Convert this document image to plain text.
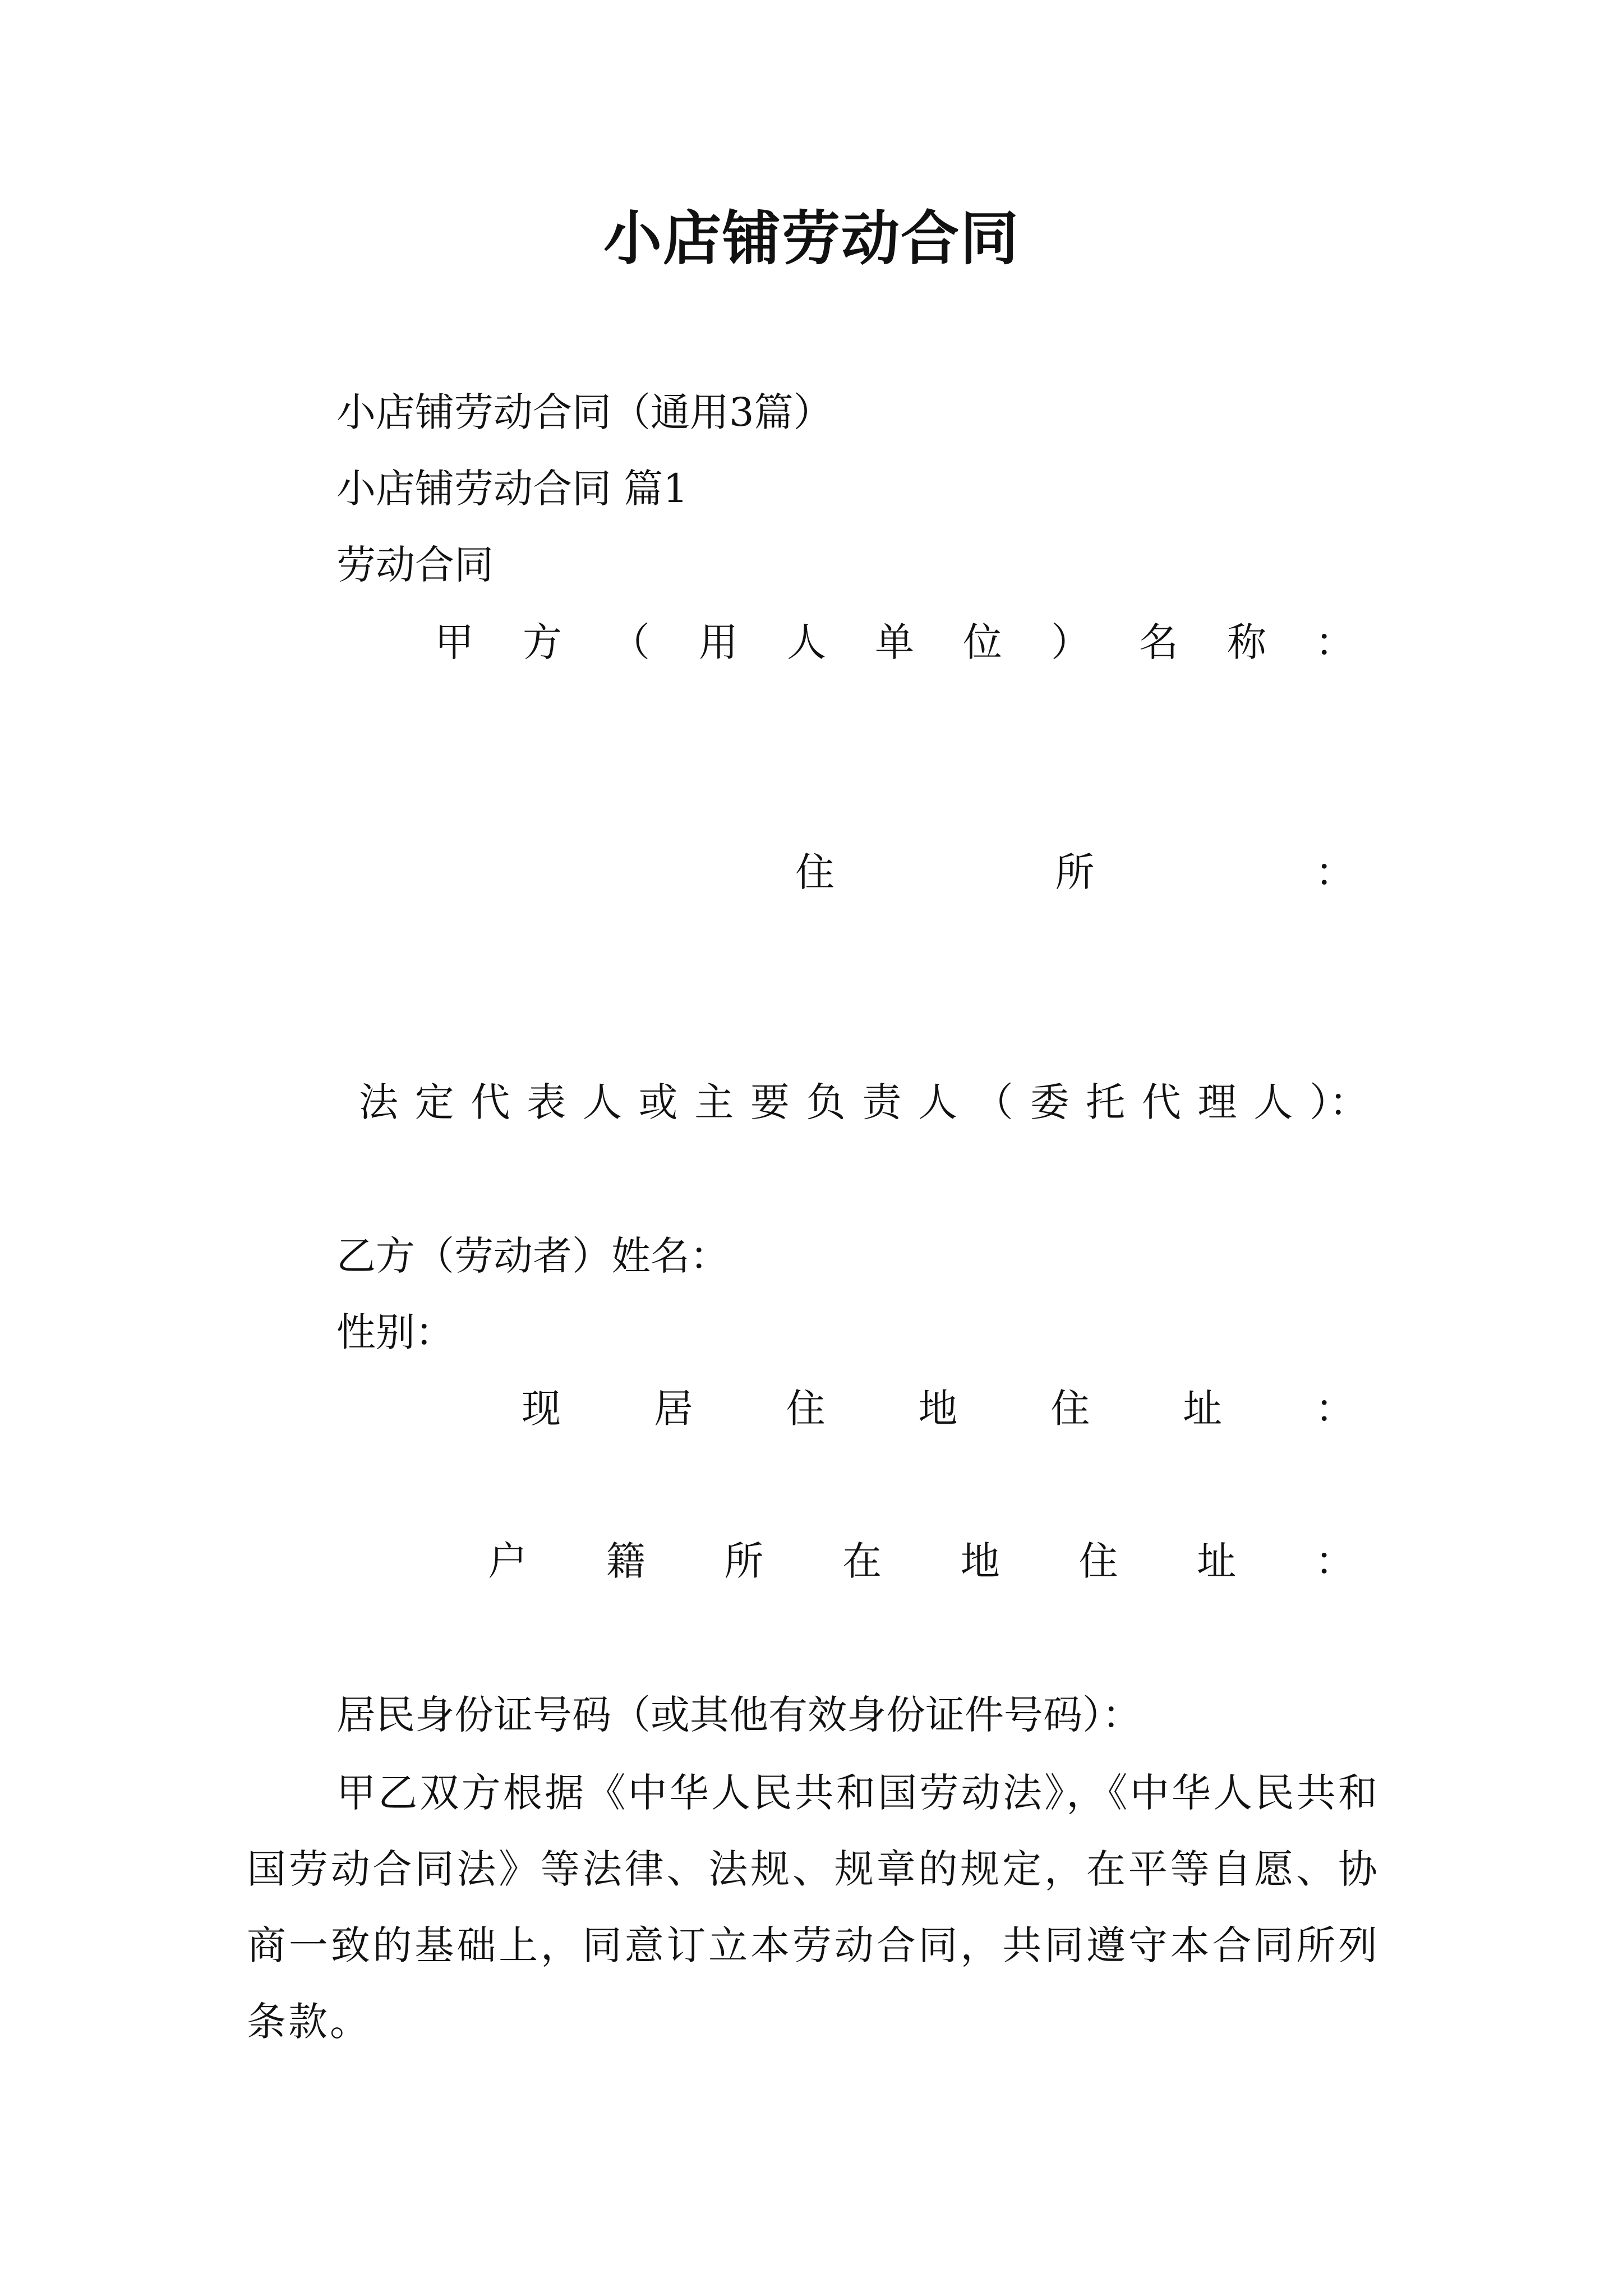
小店铺劳动合同
小店铺劳动合同（通用3篇）
小店铺劳动合同 篇1
劳动合同
甲 方 （ 用 人 单 位 ） 名 称 ：
住	所	：
法 定 代 表 人 或 主 要 负 责 人 （ 委 托 代 理 人 ）：
乙方（劳动者）姓名：
性别：
现 居 住 地 住 址 ：
户 籍 所 在 地 住 址 ：
居民身份证号码（或其他有效身份证件号码）：
甲乙双方根据《中华人民共和国劳动法》，《中华人民共和国劳动合同法》等法律、法规、规章的规定，在平等自愿、协商一致的基础上，同意订立本劳动合同，共同遵守本合同所列条款。
